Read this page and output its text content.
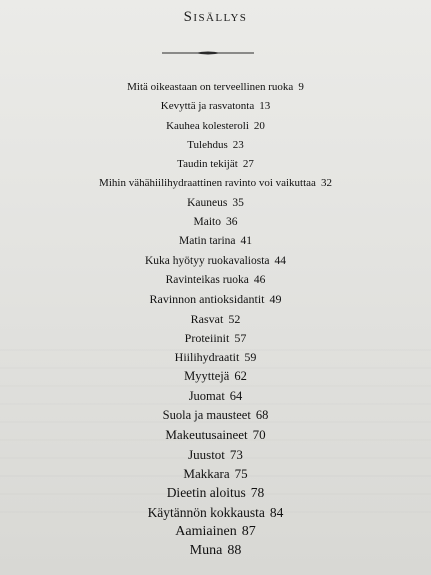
Sisällys
Mitä oikeastaan on terveellinen ruoka 9
Kevyttä ja rasvatonta 13
Kauhea kolesteroli 20
Tulehdus 23
Taudin tekijät 27
Mihin vähähiilihydraattinen ravinto voi vaikuttaa 32
Kauneus 35
Maito 36
Matin tarina 41
Kuka hyötyy ruokavaliosta 44
Ravinteikas ruoka 46
Ravinnon antioksidantit 49
Rasvat 52
Proteiinit 57
Hiilihydraatit 59
Myyttejä 62
Juomat 64
Suola ja mausteet 68
Makeutusaineet 70
Juustot 73
Makkara 75
Dieetin aloitus 78
Käytännön kokkausta 84
Aamiainen 87
Muna 88
